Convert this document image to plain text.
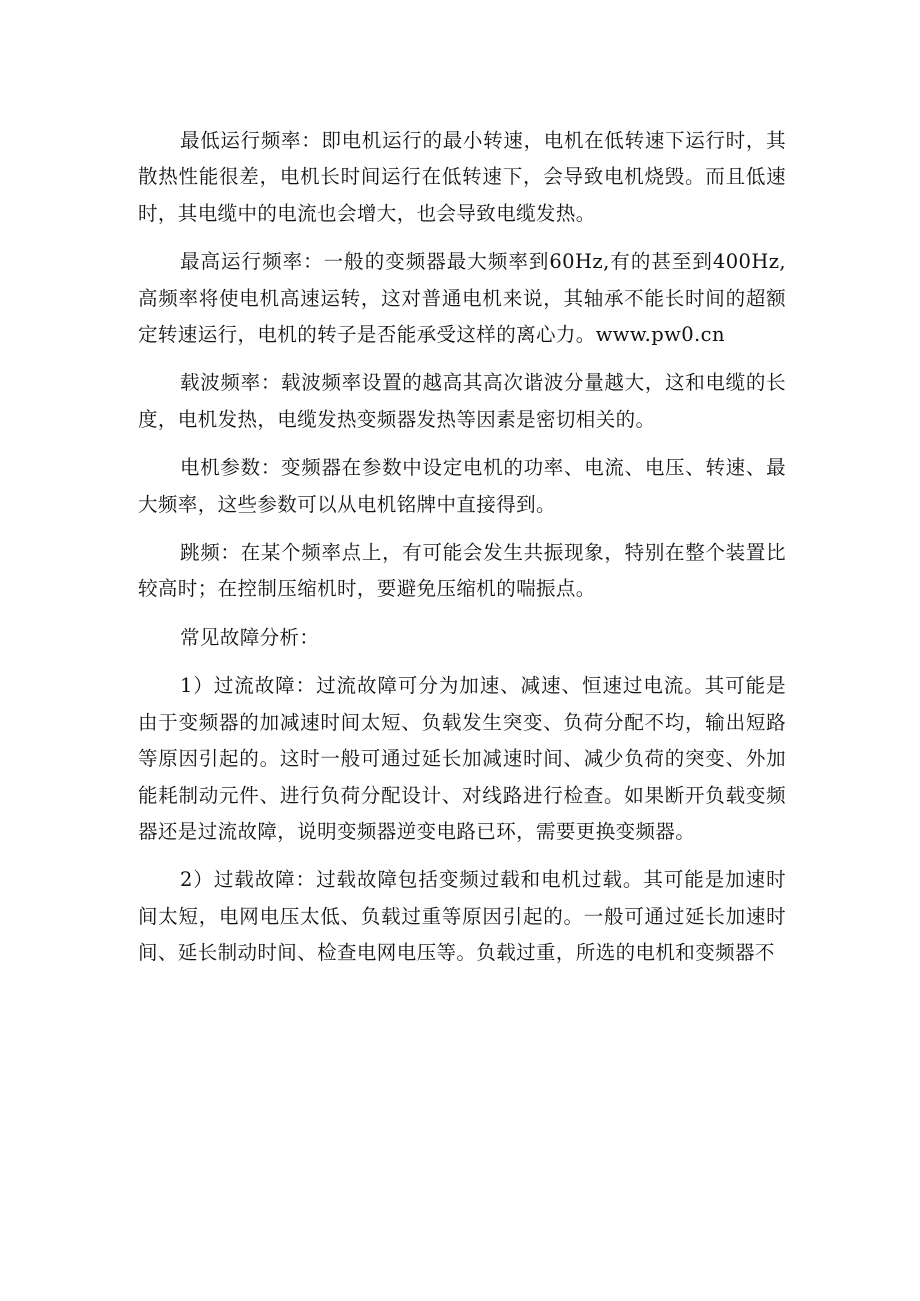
最低运行频率：即电机运行的最小转速，电机在低转速下运行时，其散热性能很差，电机长时间运行在低转速下，会导致电机烧毁。而且低速时，其电缆中的电流也会增大，也会导致电缆发热。

最高运行频率：一般的变频器最大频率到60Hz,有的甚至到400Hz,高频率将使电机高速运转，这对普通电机来说，其轴承不能长时间的超额定转速运行，电机的转子是否能承受这样的离心力。www.pw0.cn

载波频率：载波频率设置的越高其高次谐波分量越大，这和电缆的长度，电机发热，电缆发热变频器发热等因素是密切相关的。

电机参数：变频器在参数中设定电机的功率、电流、电压、转速、最大频率，这些参数可以从电机铭牌中直接得到。

跳频：在某个频率点上，有可能会发生共振现象，特别在整个装置比较高时；在控制压缩机时，要避免压缩机的喘振点。

常见故障分析：

1）过流故障：过流故障可分为加速、减速、恒速过电流。其可能是由于变频器的加减速时间太短、负载发生突变、负荷分配不均，输出短路等原因引起的。这时一般可通过延长加减速时间、减少负荷的突变、外加能耗制动元件、进行负荷分配设计、对线路进行检查。如果断开负载变频器还是过流故障，说明变频器逆变电路已环，需要更换变频器。

2）过载故障：过载故障包括变频过载和电机过载。其可能是加速时间太短，电网电压太低、负载过重等原因引起的。一般可通过延长加速时间、延长制动时间、检查电网电压等。负载过重，所选的电机和变频器不
